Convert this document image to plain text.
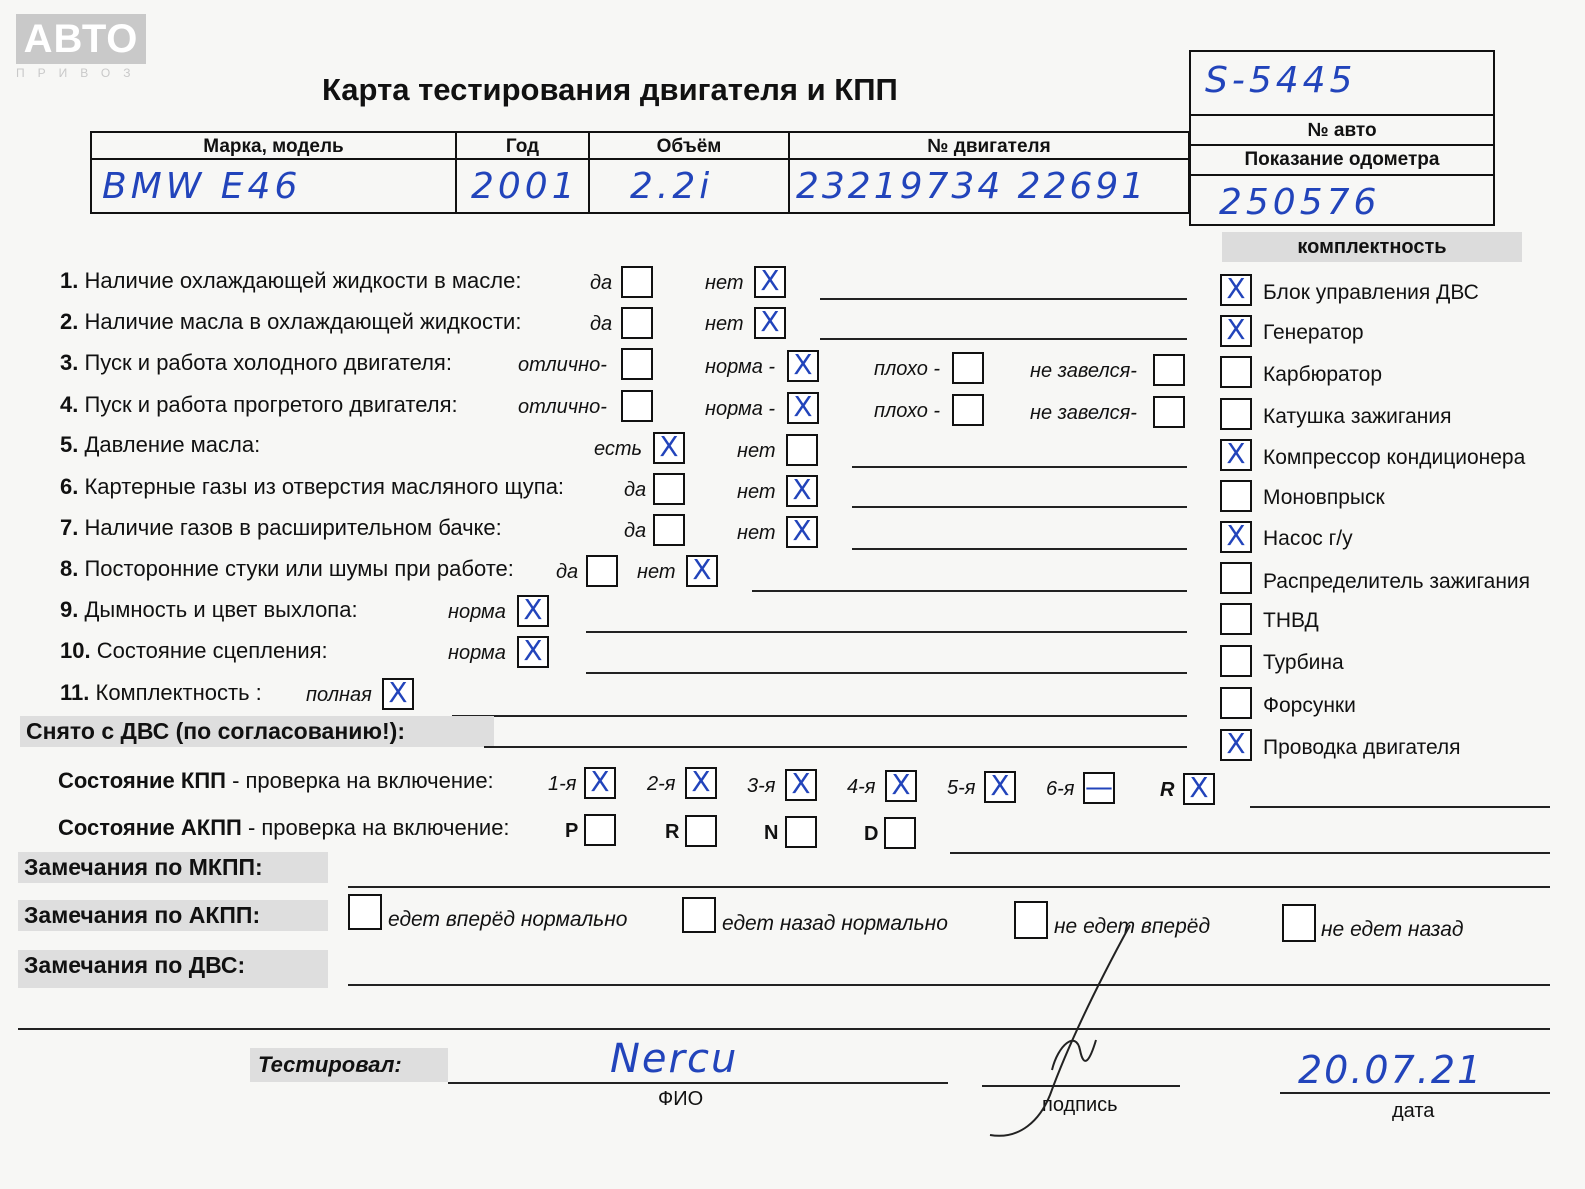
АВТО
ПРИВОЗ	Карта тестирования двигателя и КПП	S-5445
№ авто
Показание одометра
250576
Марка, модель	Год	Объём	№ двигателя
BMW E46	2001	2.2i	23219734 22691
1. Наличие охлаждающей жидкости в масле:	да	нет X
2. Наличие масла в охлаждающей жидкости:	да	нет X
3. Пуск и работа холодного двигателя:	отлично-	норма - X	плохо -	не завелся-
4. Пуск и работа прогретого двигателя:	отлично-	норма - X	плохо -	не завелся-
5. Давление масла:	есть X	нет
6. Картерные газы из отверстия масляного щупа:	да	нет X
7. Наличие газов в расширительном бачке:	да	нет X
8. Посторонние стуки или шумы при работе: да	нет X
9. Дымность и цвет выхлопа:	норма X
10. Состояние сцепления:	норма X
11. Комплектность : полная X
комплектность
X Блок управления ДВС
X Генератор
Карбюратор
Катушка зажигания
X Компрессор кондиционера
Моновпрыск
X Насос г/у
Распределитель зажигания
ТНВД
Турбина
Форсунки
X Проводка двигателя
Снято с ДВС (по согласованию!):
Состояние КПП - проверка на включение:	1-я X 2-я X 3-я X 4-я X 5-я X 6-я — R X
Состояние АКПП - проверка на включение:	P	R	N	D
Замечания по МКПП:
Замечания по АКПП:	едет вперёд нормально	едет назад нормально	не едет вперёд	не едет назад
Замечания по ДВС:
Тестировал:	Nercu
ФИО	подпись
20.07.21
дата
